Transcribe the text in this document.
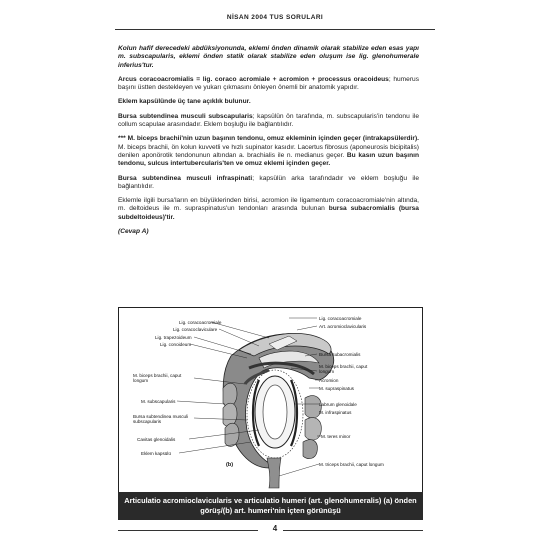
NİSAN 2004 TUS SORULARI

Kolun hafif derecedeki abdüksiyonunda, eklemi önden dinamik olarak stabilize eden esas yapı m. subscapularis, eklemi önden statik olarak stabilize eden oluşum ise lig. glenohumerale inferius'tur.

Arcus coracoacromialis = lig. coraco acromiale + acromion + processus oracoideus; humerus başını üstten destekleyen ve yukarı çıkmasını önleyen önemli bir anatomik yapıdır.

Eklem kapsülünde üç tane açıklık bulunur.

Bursa subtendinea musculi subscapularis; kapsülün ön tarafında, m. subscapularis'in tendonu ile collum scapulae arasındadır. Eklem boşluğu ile bağlantılıdır.

*** M. biceps brachii'nin uzun başının tendonu, omuz ekleminin içinden geçer (intrakapsülerdir). M. biceps brachii, ön kolun kuvvetli ve hızlı supinator kasıdır. Lacertus fibrosus (aponeurosis bicipitalis) denilen aponörotik tendonunun altından a. brachialis ile n. medianus geçer. Bu kasın uzun başının tendonu, sulcus intertubercularis'ten ve omuz eklemi içinden geçer.

Bursa subtendinea musculi infraspinati; kapsülün arka tarafındadır ve eklem boşluğu ile bağlantılıdır.

Eklemle ilgili bursa'ların en büyüklerinden birisi, acromion ile ligamentum coracoacromiale'nin altında, m. deltoideus ile m. supraspinatus'un tendonları arasında bulunan bursa subacromialis (bursa subdeltoideus)'tir.

(Cevap A)

Lig. coracoacromiale
Lig. coracoclaviculare
Lig. trapezoideum
Lig. conoideum
M. biceps brachii, caput longum
M. subscapularis
Bursa subtendinea musculi subscapularis
Cavitas glenoidalis
Eklem kapsülü
Lig. coracoacromiale
Art. acromioclavicularis
Bursa subacromialis
M. biceps brachii, caput longum
Acromion
M. supraspinatus
Labrum glenoidale
M. infraspinatus
M. teres minor
M. triceps brachii, caput longum
(b)
Articulatio acromioclavicularis ve articulatio humeri (art. glenohumeralis) (a) önden görüş/(b) art. humeri'nin içten görünüşü
4
